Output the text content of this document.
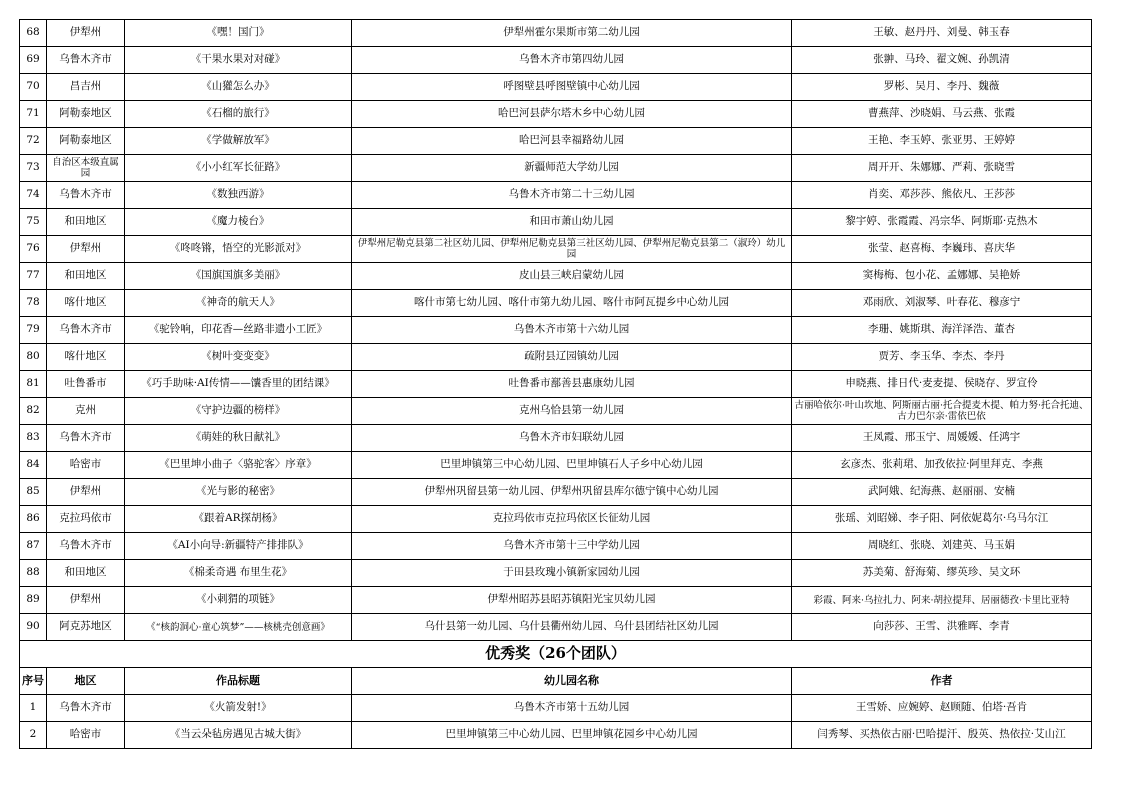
68	伊犁州	《嘿！国门》	伊犁州霍尔果斯市第二幼儿园	王敏、赵丹丹、刘曼、韩玉春
69	乌鲁木齐市	《干果水果对对碰》	乌鲁木齐市第四幼儿园	张翀、马玲、翟文婉、孙凯清
70	昌吉州	《山獾怎么办》	呼图壁县呼图壁镇中心幼儿园	罗彬、吴月、李丹、魏薇
71	阿勒泰地区	《石榴的旅行》	哈巴河县萨尔塔木乡中心幼儿园	曹燕萍、沙晓娟、马云燕、张霞
72	阿勒泰地区	《学做解放军》	哈巴河县幸福路幼儿园	王艳、李玉婷、张亚男、王婷婷
73	自治区本级直属园	《小小红军长征路》	新疆师范大学幼儿园	周开开、朱娜娜、严莉、张晓雪
74	乌鲁木齐市	《数独西游》	乌鲁木齐市第二十三幼儿园	肖奕、邓莎莎、熊依凡、王莎莎
75	和田地区	《魔力棱台》	和田市萧山幼儿园	黎宇婷、张霞霞、冯宗华、阿斯耶·克热木
76	伊犁州	《咚咚锵，悟空的光影派对》	伊犁州尼勒克县第二社区幼儿园、伊犁州尼勒克县第三社区幼儿园、伊犁州尼勒克县第二（淑玲）幼儿园	张莹、赵喜梅、李巍玮、喜庆华
77	和田地区	《国旗国旗多美丽》	皮山县三峡启蒙幼儿园	窦梅梅、包小花、孟娜娜、吴艳娇
78	喀什地区	《神奇的航天人》	喀什市第七幼儿园、喀什市第九幼儿园、喀什市阿瓦提乡中心幼儿园	邓雨欣、刘淑琴、叶春花、穆彦宁
79	乌鲁木齐市	《驼铃响，印花香—丝路非遗小工匠》	乌鲁木齐市第十六幼儿园	李珊、姚斯琪、海洋泽浩、董杏
80	喀什地区	《树叶变变变》	疏附县辽园镇幼儿园	贾芳、李玉华、李杰、李丹
81	吐鲁番市	《巧手助味·AI传情——馕香里的团结课》	吐鲁番市鄯善县惠康幼儿园	申晓燕、排日代·麦麦提、侯晓存、罗宣伶
82	克州	《守护边疆的榜样》	克州乌恰县第一幼儿园	古丽哈依尔·叶山坎地、阿斯丽古丽·托合提麦木提、帕力努·托合托迪、古力巴尔亲·雷依巴依
83	乌鲁木齐市	《萌娃的秋日献礼》	乌鲁木齐市妇联幼儿园	王凤霞、邢玉宁、周媛媛、任鸿宇
84	哈密市	《巴里坤小曲子〈骆驼客〉序章》	巴里坤镇第三中心幼儿园、巴里坤镇石人子乡中心幼儿园	玄彦杰、张莉珺、加孜依拉·阿里拜克、李燕
85	伊犁州	《光与影的秘密》	伊犁州巩留县第一幼儿园、伊犁州巩留县库尔德宁镇中心幼儿园	武阿娥、纪海燕、赵丽丽、安楠
86	克拉玛依市	《跟着AR探胡杨》	克拉玛依市克拉玛依区长征幼儿园	张瑶、刘昭娣、李子阳、阿依妮葛尔·乌马尔江
87	乌鲁木齐市	《AI小向导:新疆特产排排队》	乌鲁木齐市第十三中学幼儿园	周晓红、张晓、刘建英、马玉娟
88	和田地区	《棉柔奇遇 布里生花》	于田县玫瑰小镇新家园幼儿园	苏美菊、舒海菊、缪英珍、吴文环
89	伊犁州	《小刺猬的项链》	伊犁州昭苏县昭苏镇阳光宝贝幼儿园	彩霞、阿来·乌拉扎力、阿来·胡拉提拜、居丽德孜·卡里比亚特
90	阿克苏地区	《“核韵洞心·童心筑梦”——核桃壳创意画》	乌什县第一幼儿园、乌什县衢州幼儿园、乌什县团结社区幼儿园	向莎莎、王雪、洪雅晖、李青
优秀奖（26个团队）				
序号	地区	作品标题	幼儿园名称	作者
1	乌鲁木齐市	《火箭发射!》	乌鲁木齐市第十五幼儿园	王雪娇、应婉婷、赵顾随、伯塔·吾肯
2	哈密市	《当云朵毡房遇见古城大街》	巴里坤镇第三中心幼儿园、巴里坤镇花园乡中心幼儿园	闫秀琴、买热依古丽·巴哈提汗、殷英、热依拉·艾山江
